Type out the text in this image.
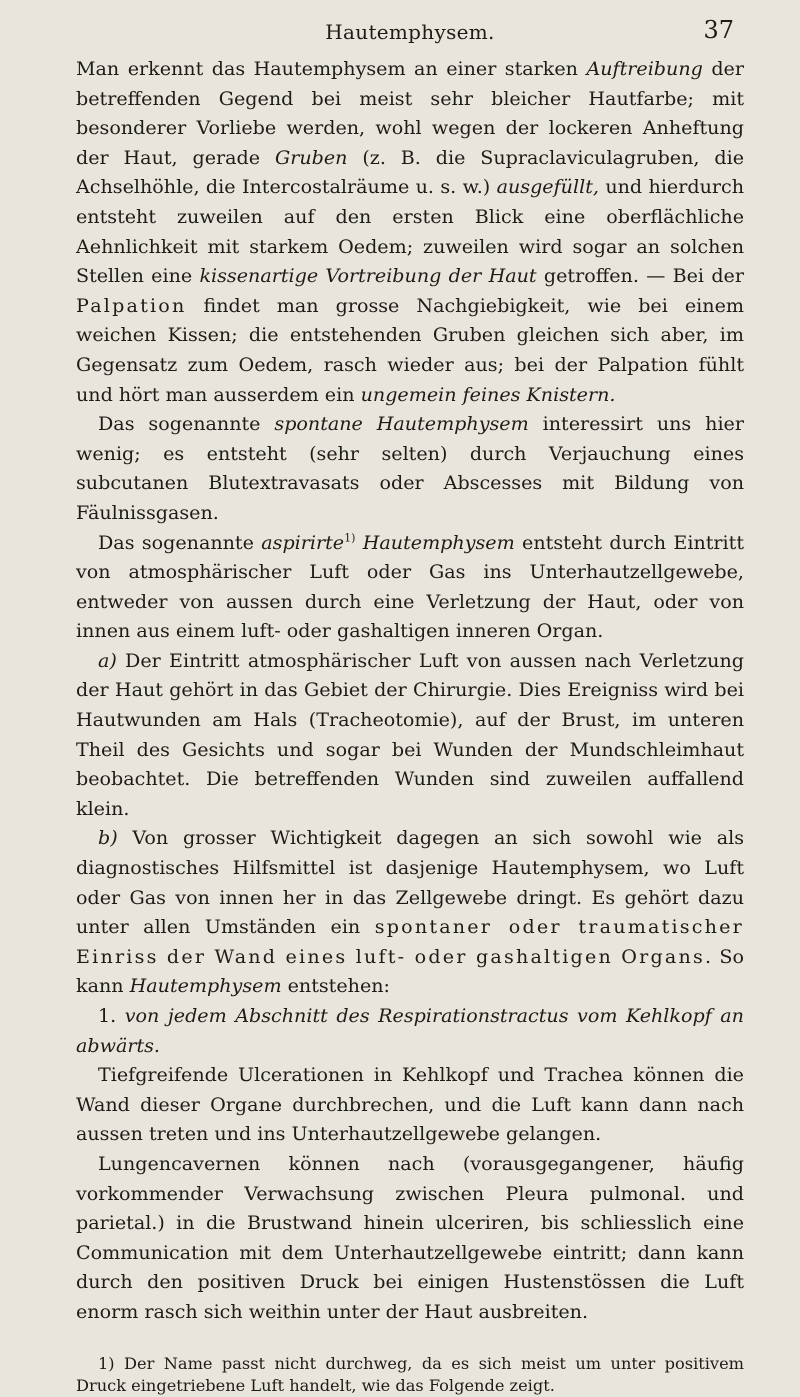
Hautemphysem.	37

Man erkennt das Hautemphysem an einer starken Auftreibung der betreffenden Gegend bei meist sehr bleicher Hautfarbe; mit besonderer Vorliebe werden, wohl wegen der lockeren Anheftung der Haut, gerade Gruben (z. B. die Supraclaviculagruben, die Achselhöhle, die Intercostalräume u. s. w.) ausgefüllt, und hierdurch entsteht zuweilen auf den ersten Blick eine oberflächliche Aehnlichkeit mit starkem Oedem; zuweilen wird sogar an solchen Stellen eine kissenartige Vortreibung der Haut getroffen. — Bei der Palpation findet man grosse Nachgiebigkeit, wie bei einem weichen Kissen; die entstehenden Gruben gleichen sich aber, im Gegensatz zum Oedem, rasch wieder aus; bei der Palpation fühlt und hört man ausserdem ein ungemein feines Knistern.

Das sogenannte spontane Hautemphysem interessirt uns hier wenig; es entsteht (sehr selten) durch Verjauchung eines subcutanen Blutextravasats oder Abscesses mit Bildung von Fäulnissgasen.

Das sogenannte aspirirte$^{1)}$ Hautemphysem entsteht durch Eintritt von atmosphärischer Luft oder Gas ins Unterhautzellgewebe, entweder von aussen durch eine Verletzung der Haut, oder von innen aus einem luft- oder gashaltigen inneren Organ.

a) Der Eintritt atmosphärischer Luft von aussen nach Verletzung der Haut gehört in das Gebiet der Chirurgie. Dies Ereigniss wird bei Hautwunden am Hals (Tracheotomie), auf der Brust, im unteren Theil des Gesichts und sogar bei Wunden der Mundschleimhaut beobachtet. Die betreffenden Wunden sind zuweilen auffallend klein.

b) Von grosser Wichtigkeit dagegen an sich sowohl wie als diagnostisches Hilfsmittel ist dasjenige Hautemphysem, wo Luft oder Gas von innen her in das Zellgewebe dringt. Es gehört dazu unter allen Umständen ein spontaner oder traumatischer Einriss der Wand eines luft- oder gashaltigen Organs. So kann Hautemphysem entstehen:

1. von jedem Abschnitt des Respirationstractus vom Kehlkopf an abwärts.

Tiefgreifende Ulcerationen in Kehlkopf und Trachea können die Wand dieser Organe durchbrechen, und die Luft kann dann nach aussen treten und ins Unterhautzellgewebe gelangen.

Lungencavernen können nach (vorausgegangener, häufig vorkommender Verwachsung zwischen Pleura pulmonal. und parietal.) in die Brustwand hinein ulceriren, bis schliesslich eine Communication mit dem Unterhautzellgewebe eintritt; dann kann durch den positiven Druck bei einigen Hustenstössen die Luft enorm rasch sich weithin unter der Haut ausbreiten.

1) Der Name passt nicht durchweg, da es sich meist um unter positivem Druck eingetriebene Luft handelt, wie das Folgende zeigt.
